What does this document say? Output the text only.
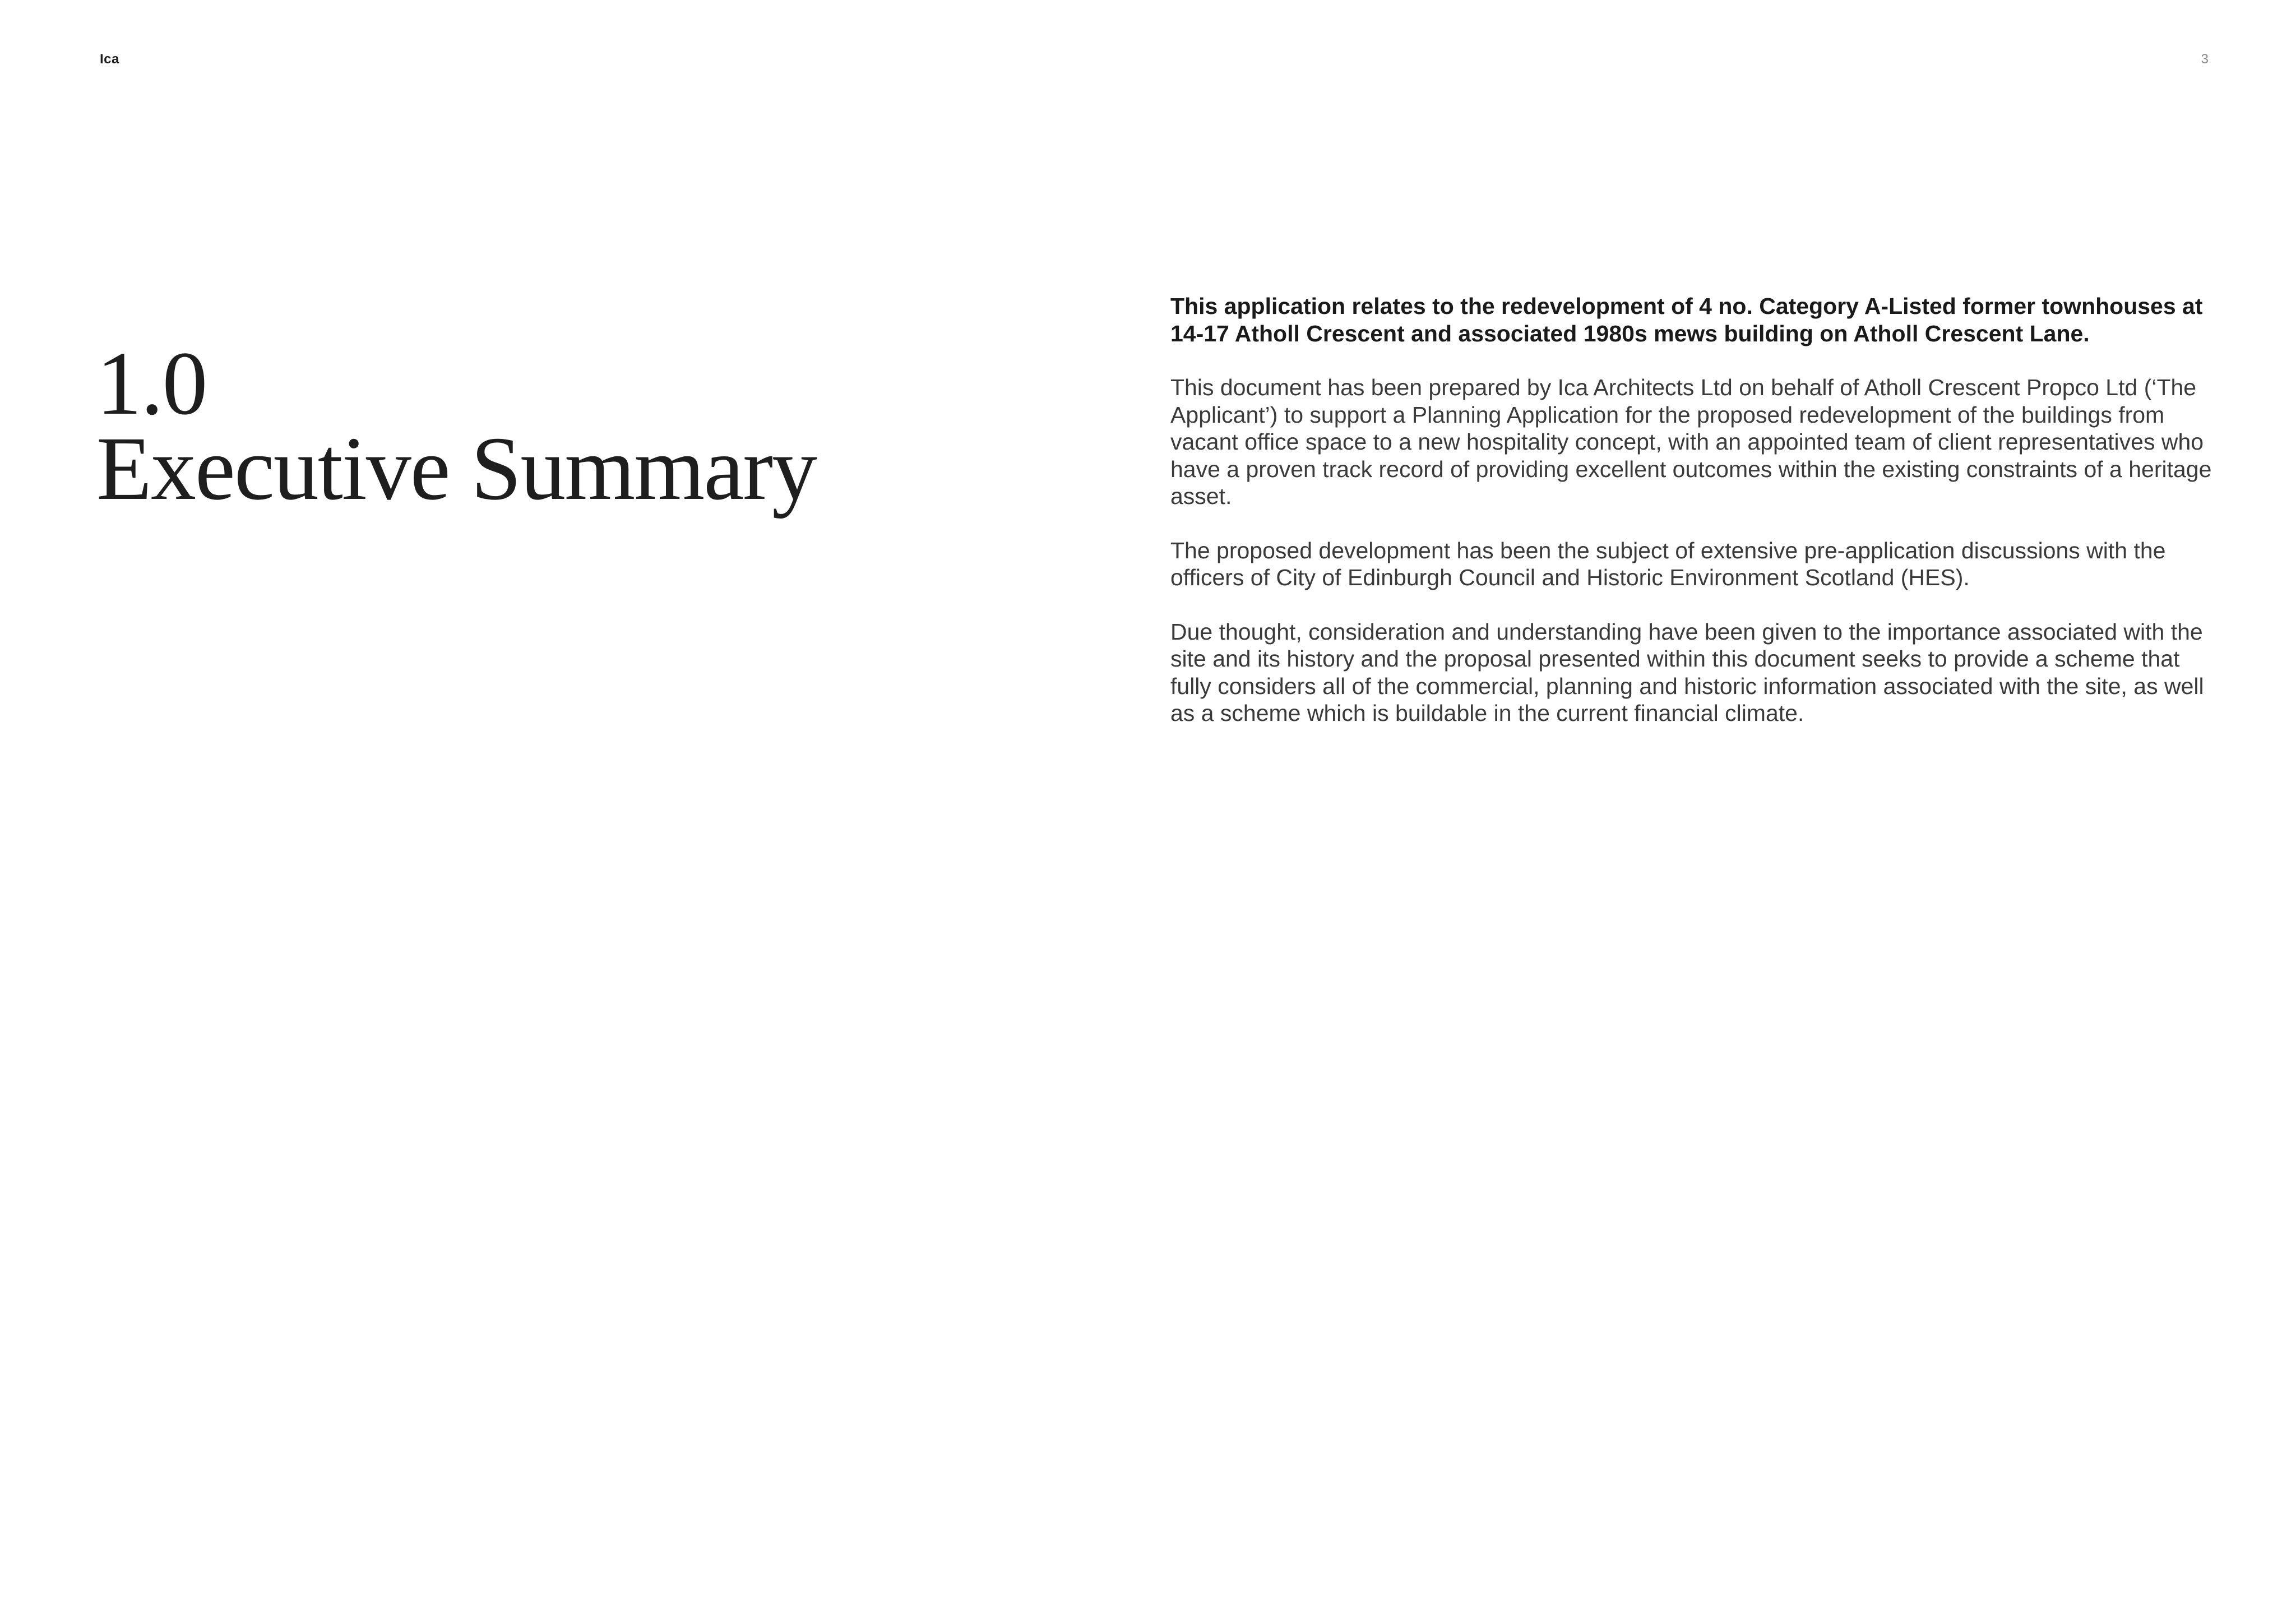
Ica	3
1.0
Executive Summary

This application relates to the redevelopment of 4 no. Category A-Listed former townhouses at 14-17 Atholl Crescent and associated 1980s mews building on Atholl Crescent Lane.

This document has been prepared by Ica Architects Ltd on behalf of Atholl Crescent Propco Ltd (‘The Applicant’) to support a Planning Application for the proposed redevelopment of the buildings from vacant office space to a new hospitality concept, with an appointed team of client representatives who have a proven track record of providing excellent outcomes within the existing constraints of a heritage asset.

The proposed development has been the subject of extensive pre-application discussions with the officers of City of Edinburgh Council and Historic Environment Scotland (HES).

Due thought, consideration and understanding have been given to the importance associated with the site and its history and the proposal presented within this document seeks to provide a scheme that fully considers all of the commercial, planning and historic information associated with the site, as well as a scheme which is buildable in the current financial climate.
